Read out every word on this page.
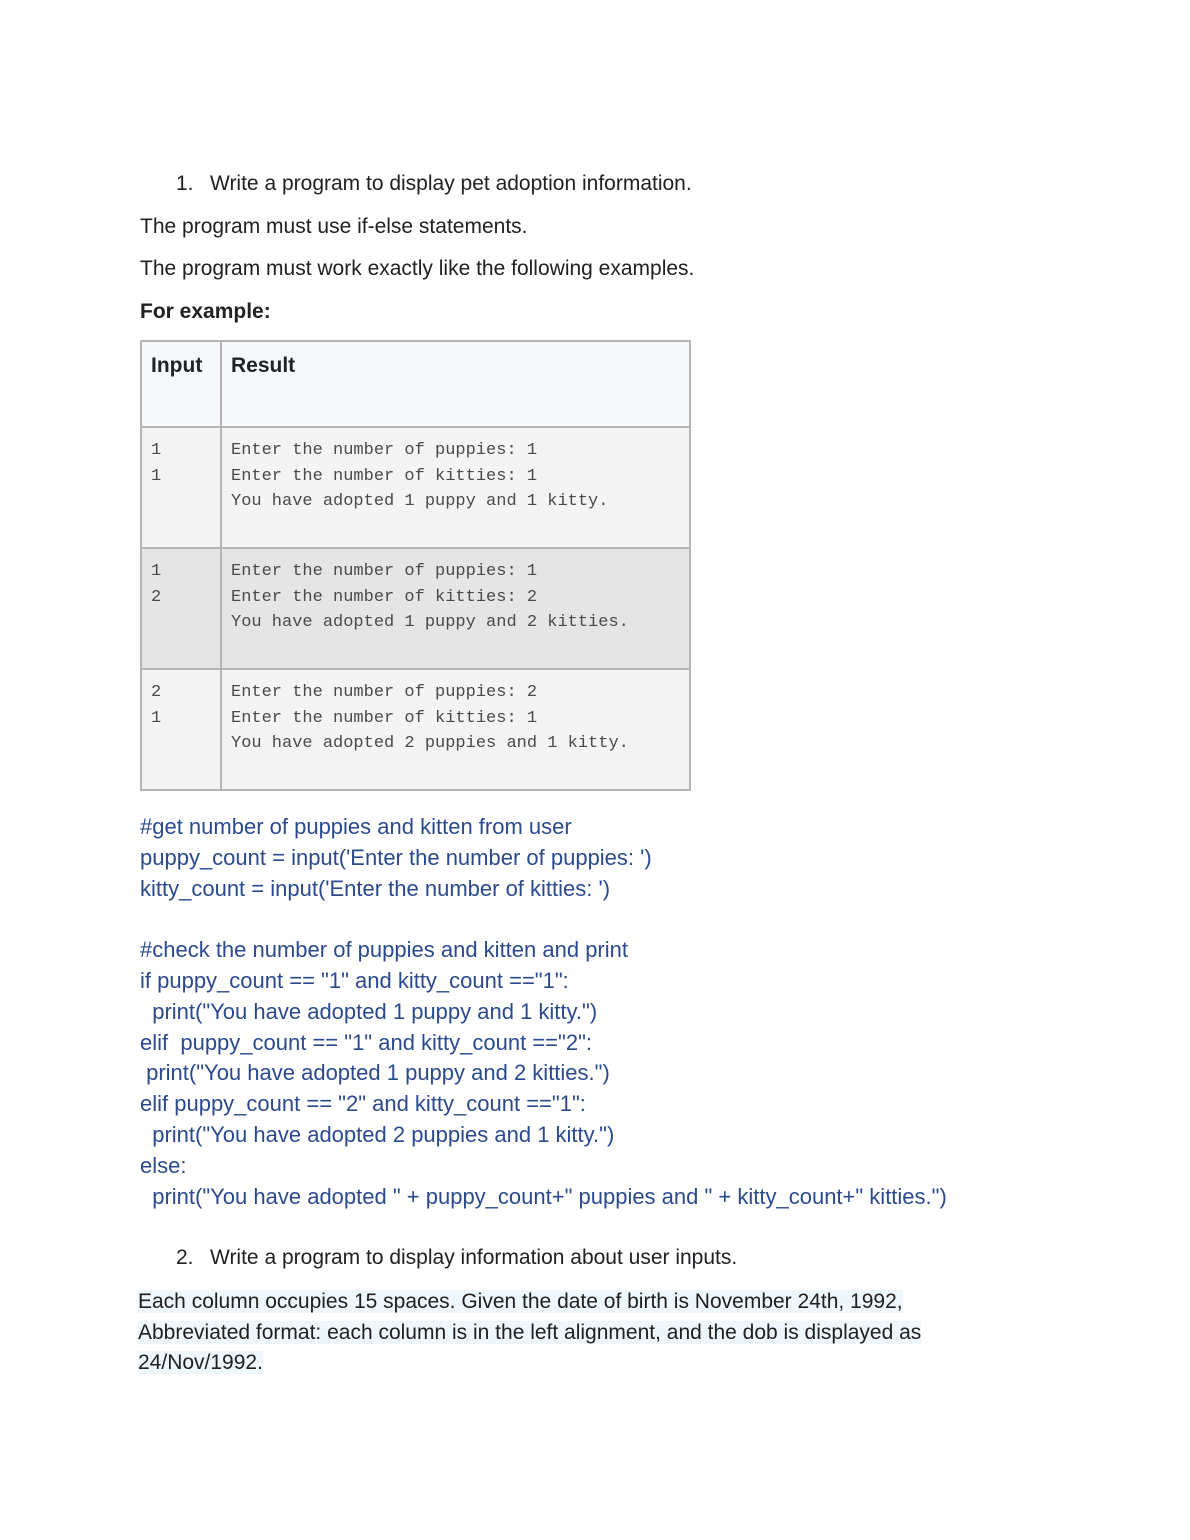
1. Write a program to display pet adoption information.
The program must use if-else statements.
The program must work exactly like the following examples.
For example:
Input	Result
1
1	Enter the number of puppies: 1
Enter the number of kitties: 1
You have adopted 1 puppy and 1 kitty.
1
2	Enter the number of puppies: 1
Enter the number of kitties: 2
You have adopted 1 puppy and 2 kitties.
2
1	Enter the number of puppies: 2
Enter the number of kitties: 1
You have adopted 2 puppies and 1 kitty.
#get number of puppies and kitten from user
puppy_count = input('Enter the number of puppies: ')
kitty_count = input('Enter the number of kitties: ')

#check the number of puppies and kitten and print
if puppy_count == "1" and kitty_count =="1":
print("You have adopted 1 puppy and 1 kitty.")
elif  puppy_count == "1" and kitty_count =="2":
print("You have adopted 1 puppy and 2 kitties.")
elif puppy_count == "2" and kitty_count =="1":
print("You have adopted 2 puppies and 1 kitty.")
else:
print("You have adopted " + puppy_count+" puppies and " + kitty_count+" kitties.")
2. Write a program to display information about user inputs.
Each column occupies 15 spaces. Given the date of birth is November 24th, 1992,
Abbreviated format: each column is in the left alignment, and the dob is displayed as
24/Nov/1992.
